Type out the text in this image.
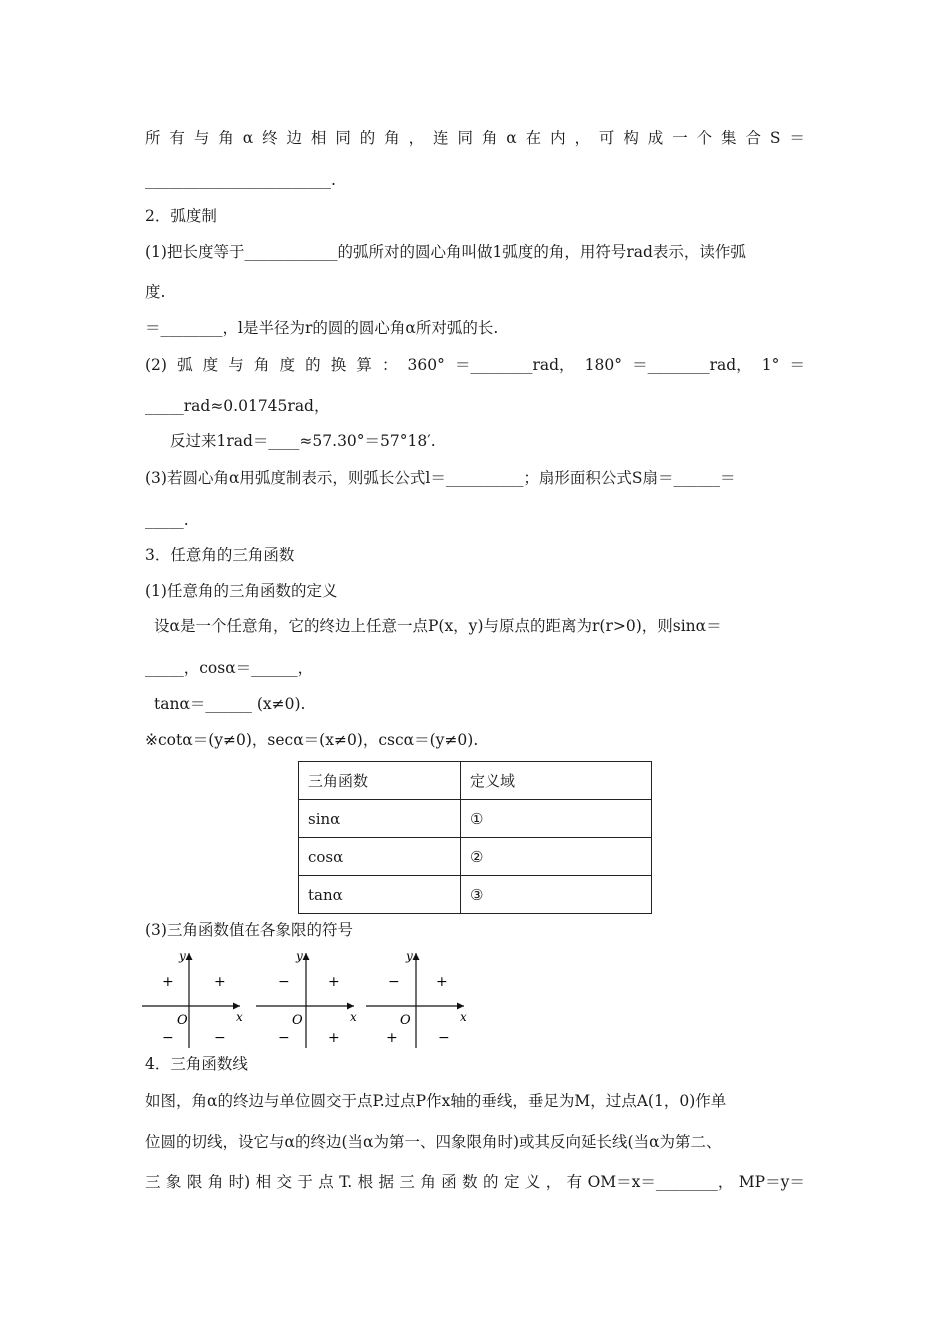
所 有 与 角 α 终 边 相 同 的 角 ， 连 同 角 α 在 内 ， 可 构 成 一 个 集 合 S ＝
________________________.
2．弧度制
(1)把长度等于____________的弧所对的圆心角叫做1弧度的角，用符号rad表示，读作弧
度.
＝________，l是半径为r的圆的圆心角α所对弧的长.
(2) 弧 度 与 角 度 的 换 算 ： 360° ＝________rad， 180° ＝________rad， 1° ＝
_____rad≈0.01745rad，
反过来1rad＝____≈57.30°＝57°18′.
(3)若圆心角α用弧度制表示，则弧长公式l＝__________；扇形面积公式S扇＝______＝
_____.
3．任意角的三角函数
(1)任意角的三角函数的定义
设α是一个任意角，它的终边上任意一点P(x，y)与原点的距离为r(r>0)，则sinα＝
_____，cosα＝______，
tanα＝______ (x≠0).
※cotα＝(y≠0)，secα＝(x≠0)，cscα＝(y≠0).
三角函数	定义域
sinα	①
cosα	②
tanα	③
(3)三角函数值在各象限的符号
y
x
O
+	+
−	−
y
x
O
−	+
−	+
y
x
O
−	+
+	−
4．三角函数线
如图，角α的终边与单位圆交于点P.过点P作x轴的垂线，垂足为M，过点A(1，0)作单
位圆的切线，设它与α的终边(当α为第一、四象限角时)或其反向延长线(当α为第二、
三 象 限 角 时) 相 交 于 点 T. 根 据 三 角 函 数 的 定 义 ， 有 OM＝x＝________， MP＝y＝
